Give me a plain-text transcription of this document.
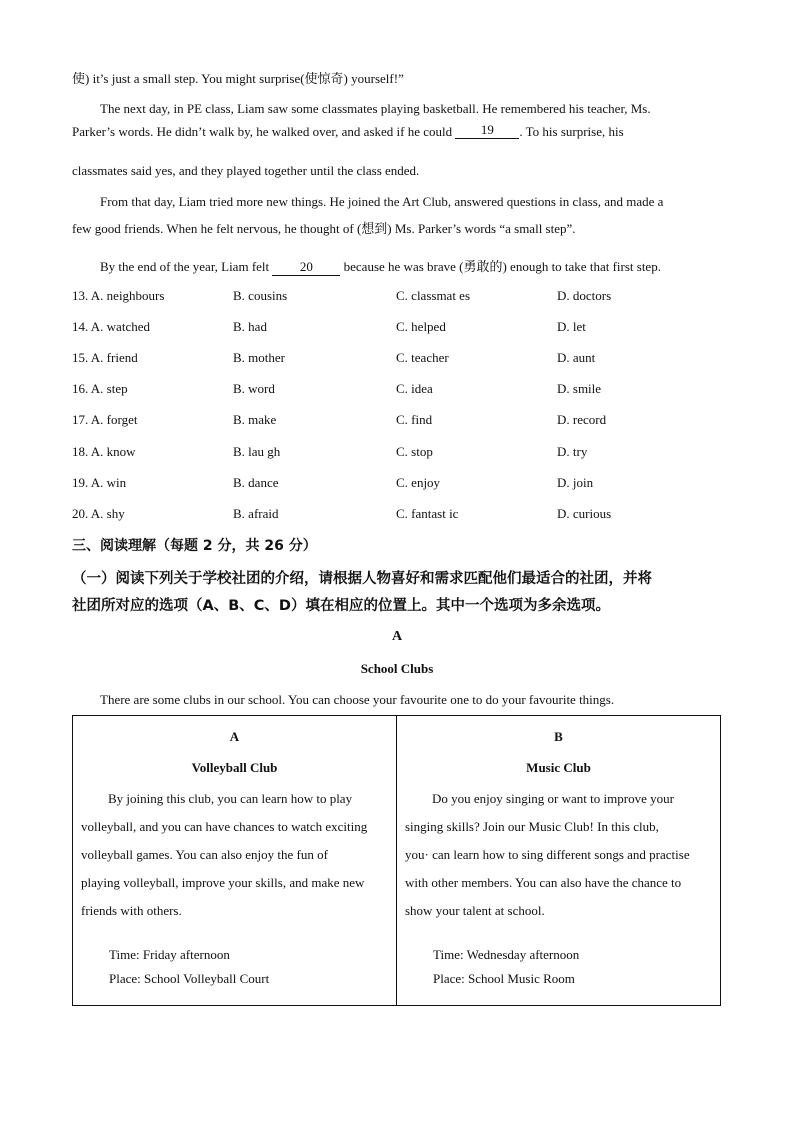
使) it’s just a small step. You might surprise(使惊奇) yourself!”
The next day, in PE class, Liam saw some classmates playing basketball. He remembered his teacher, Ms.
Parker’s words. He didn’t walk by, he walked over, and asked if he could 19 . To his surprise, his
classmates said yes, and they played together until the class ended.
From that day, Liam tried more new things. He joined the Art Club, answered questions in class, and made a
few good friends. When he felt nervous, he thought of (想到) Ms. Parker’s words “a small step”.
By the end of the year, Liam felt 20 because he was brave (勇敢的) enough to take that first step.
13. A. neighbours	B. cousins	C. classmat es	D. doctors
14. A. watched	B. had	C. helped	D. let
15. A. friend	B. mother	C. teacher	D. aunt
16. A. step	B. word	C. idea	D. smile
17. A. forget	B. make	C. find	D. record
18. A. know	B. lau gh	C. stop	D. try
19. A. win	B. dance	C. enjoy	D. join
20. A. shy	B. afraid	C. fantast ic	D. curious
三、阅读理解（每题 2 分，共 26 分）
（一）阅读下列关于学校社团的介绍，请根据人物喜好和需求匹配他们最适合的社团，并将
社团所对应的选项（A、B、C、D）填在相应的位置上。其中一个选项为多余选项。
A
School Clubs
There are some clubs in our school. You can choose your favourite one to do your favourite things.
A
Volleyball Club
By joining this club, you can learn how to play
volleyball, and you can have chances to watch exciting
volleyball games. You can also enjoy the fun of
playing volleyball, improve your skills, and make new
friends with others.
Time: Friday afternoon
Place: School Volleyball Court

B
Music Club
Do you enjoy singing or want to improve your
singing skills? Join our Music Club! In this club,
you· can learn how to sing different songs and practise
with other members. You can also have the chance to
show your talent at school.
Time: Wednesday afternoon
Place: School Music Room
